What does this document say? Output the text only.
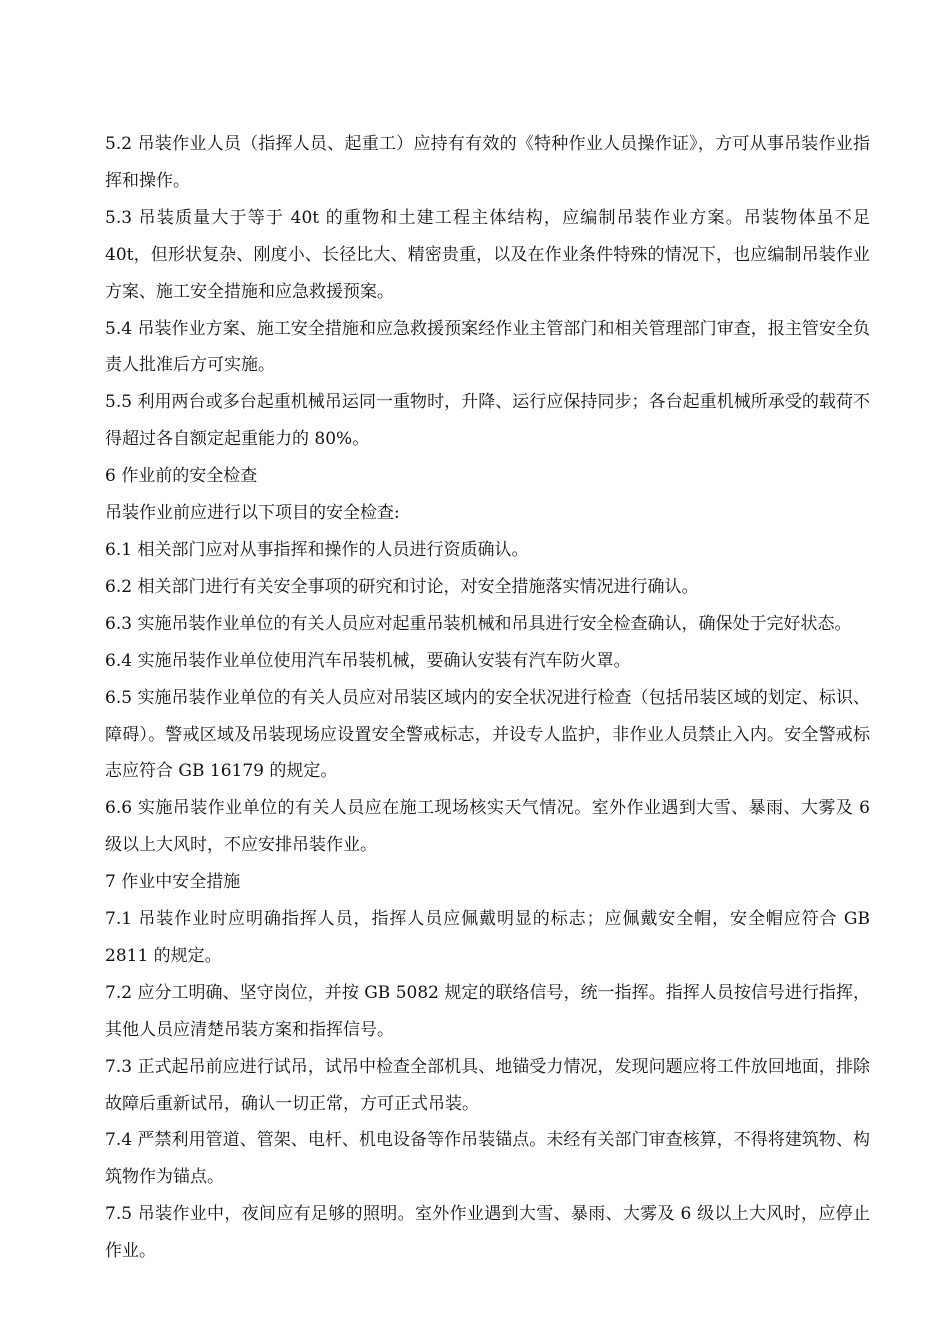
5.2 吊装作业人员（指挥人员、起重工）应持有有效的《特种作业人员操作证》，方可从事吊装作业指挥和操作。

5.3 吊装质量大于等于 40t 的重物和土建工程主体结构，应编制吊装作业方案。吊装物体虽不足 40t，但形状复杂、刚度小、长径比大、精密贵重，以及在作业条件特殊的情况下，也应编制吊装作业方案、施工安全措施和应急救援预案。

5.4 吊装作业方案、施工安全措施和应急救援预案经作业主管部门和相关管理部门审查，报主管安全负责人批准后方可实施。

5.5 利用两台或多台起重机械吊运同一重物时，升降、运行应保持同步；各台起重机械所承受的载荷不得超过各自额定起重能力的 80%。

6 作业前的安全检查

吊装作业前应进行以下项目的安全检查:

6.1 相关部门应对从事指挥和操作的人员进行资质确认。

6.2 相关部门进行有关安全事项的研究和讨论，对安全措施落实情况进行确认。

6.3 实施吊装作业单位的有关人员应对起重吊装机械和吊具进行安全检查确认，确保处于完好状态。

6.4 实施吊装作业单位使用汽车吊装机械，要确认安装有汽车防火罩。

6.5 实施吊装作业单位的有关人员应对吊装区域内的安全状况进行检查（包括吊装区域的划定、标识、障碍）。警戒区域及吊装现场应设置安全警戒标志，并设专人监护，非作业人员禁止入内。安全警戒标志应符合 GB 16179 的规定。

6.6 实施吊装作业单位的有关人员应在施工现场核实天气情况。室外作业遇到大雪、暴雨、大雾及 6 级以上大风时，不应安排吊装作业。

7 作业中安全措施

7.1 吊装作业时应明确指挥人员，指挥人员应佩戴明显的标志；应佩戴安全帽，安全帽应符合 GB 2811 的规定。

7.2 应分工明确、坚守岗位，并按 GB 5082 规定的联络信号，统一指挥。指挥人员按信号进行指挥，其他人员应清楚吊装方案和指挥信号。

7.3 正式起吊前应进行试吊，试吊中检查全部机具、地锚受力情况，发现问题应将工件放回地面，排除故障后重新试吊，确认一切正常，方可正式吊装。

7.4 严禁利用管道、管架、电杆、机电设备等作吊装锚点。未经有关部门审查核算，不得将建筑物、构筑物作为锚点。

7.5 吊装作业中，夜间应有足够的照明。室外作业遇到大雪、暴雨、大雾及 6 级以上大风时，应停止作业。
